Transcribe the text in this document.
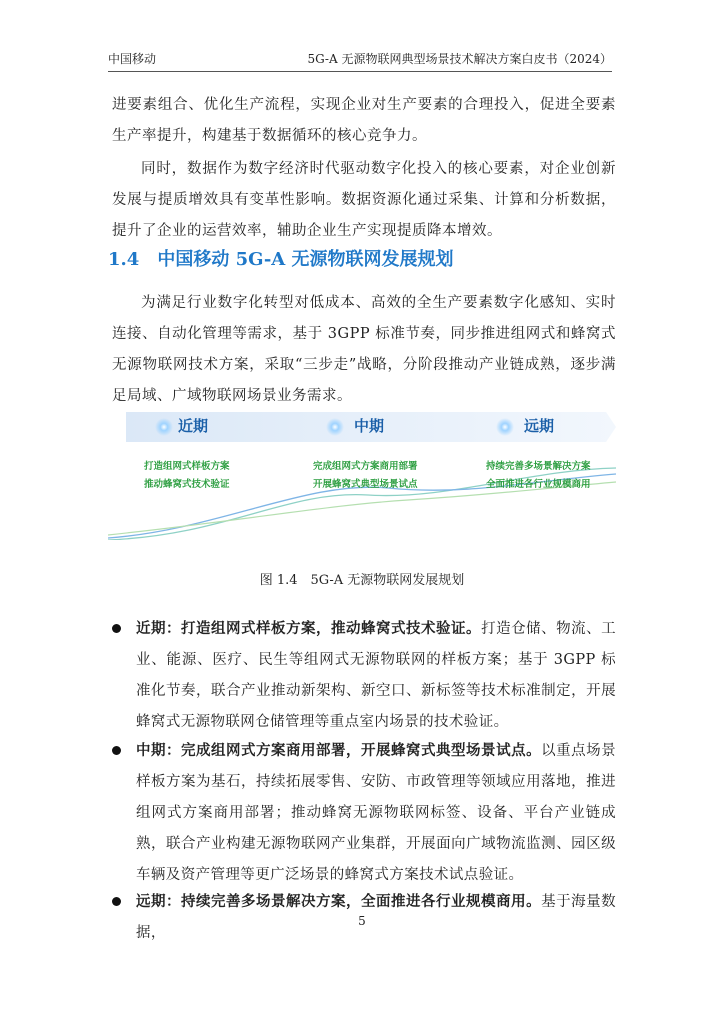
中国移动	5G-A 无源物联网典型场景技术解决方案白皮书（2024）

进要素组合、优化生产流程，实现企业对生产要素的合理投入，促进全要素生产率提升，构建基于数据循环的核心竞争力。

同时，数据作为数字经济时代驱动数字化投入的核心要素，对企业创新发展与提质增效具有变革性影响。数据资源化通过采集、计算和分析数据，提升了企业的运营效率，辅助企业生产实现提质降本增效。

1.4 中国移动 5G-A 无源物联网发展规划

为满足行业数字化转型对低成本、高效的全生产要素数字化感知、实时连接、自动化管理等需求，基于 3GPP 标准节奏，同步推进组网式和蜂窝式无源物联网技术方案，采取“三步走”战略，分阶段推动产业链成熟，逐步满足局域、广域物联网场景业务需求。

近期	中期	远期
打造组网式样板方案
推动蜂窝式技术验证
完成组网式方案商用部署
开展蜂窝式典型场景试点
持续完善多场景解决方案
全面推进各行业规模商用
图 1.4　5G-A 无源物联网发展规划

近期：打造组网式样板方案，推动蜂窝式技术验证。打造仓储、物流、工业、能源、医疗、民生等组网式无源物联网的样板方案；基于 3GPP 标准化节奏，联合产业推动新架构、新空口、新标签等技术标准制定，开展蜂窝式无源物联网仓储管理等重点室内场景的技术验证。

中期：完成组网式方案商用部署，开展蜂窝式典型场景试点。以重点场景样板方案为基石，持续拓展零售、安防、市政管理等领域应用落地，推进组网式方案商用部署；推动蜂窝无源物联网标签、设备、平台产业链成熟，联合产业构建无源物联网产业集群，开展面向广域物流监测、园区级车辆及资产管理等更广泛场景的蜂窝式方案技术试点验证。

远期：持续完善多场景解决方案，全面推进各行业规模商用。基于海量数据，

5
